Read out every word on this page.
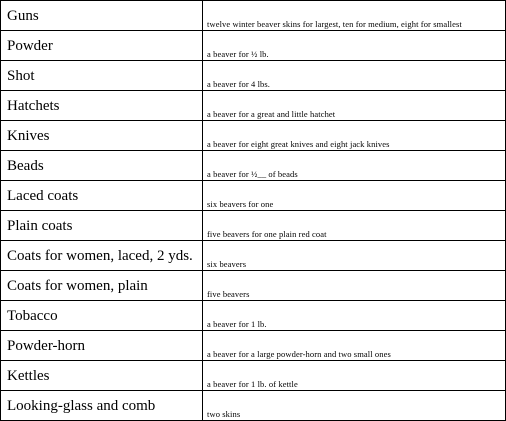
Guns	twelve winter beaver skins for largest, ten for medium, eight for smallest

Powder	a beaver for ½ lb.

Shot	a beaver for 4 lbs.

Hatchets	a beaver for a great and little hatchet

Knives	a beaver for eight great knives and eight jack knives

Beads	a beaver for ½__ of beads

Laced coats	six beavers for one

Plain coats	five beavers for one plain red coat

Coats for women, laced, 2 yds.	six beavers

Coats for women, plain	five beavers

Tobacco	a beaver for 1 lb.

Powder-horn	a beaver for a large powder-horn and two small ones

Kettles	a beaver for 1 lb. of kettle

Looking-glass and comb	two skins
